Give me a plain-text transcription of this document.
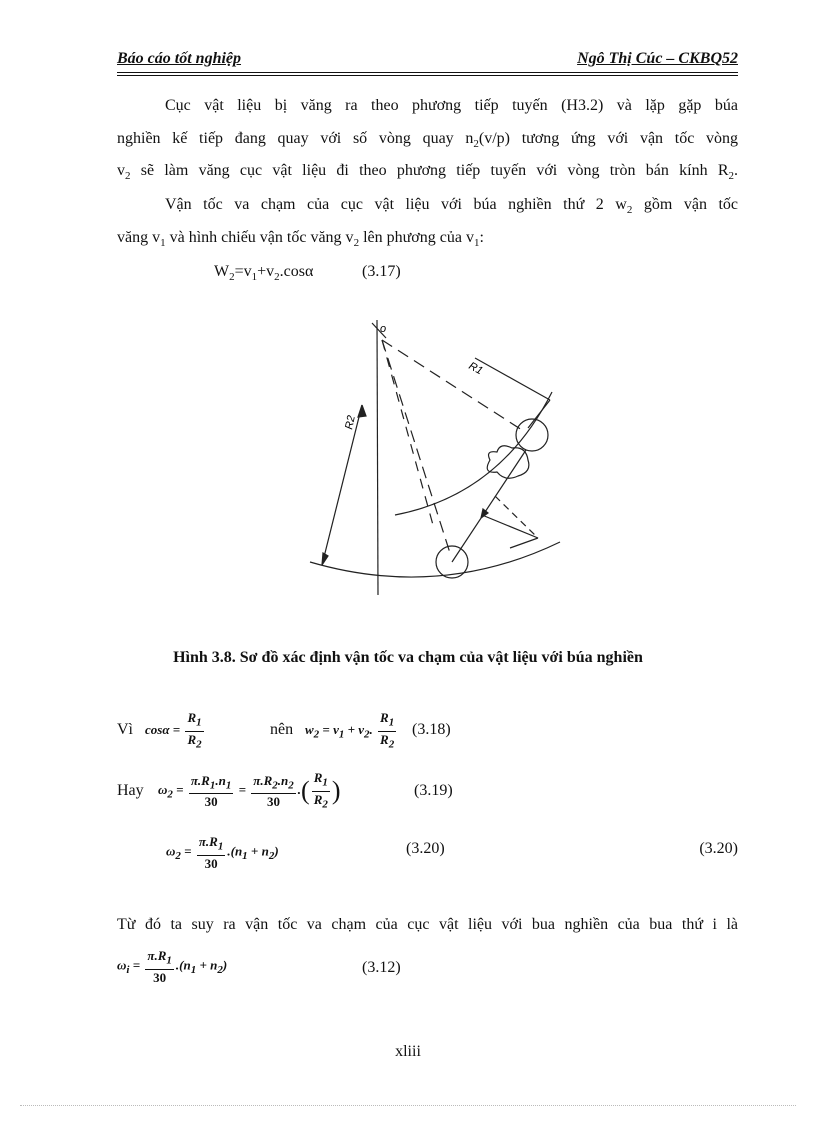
Báo cáo tốt nghiệp	Ngô Thị Cúc – CKBQ52
Cục vật liệu bị văng ra theo phương tiếp tuyến (H3.2) và lặp gặp búa
nghiền kế tiếp đang quay với số vòng quay $n_2(v/p)$ tương ứng với vận tốc vòng
$v_2$ sẽ làm văng cục vật liệu đi theo phương tiếp tuyến với vòng tròn bán kính $R_2$.
Vận tốc va chạm của cục vật liệu với búa nghiền thứ 2 $w_2$ gồm vận tốc
văng $v_1$ và hình chiếu vận tốc văng $v_2$ lên phương của $v_1$:
$W_2=v_1+v_2.\cos\alpha$	(3.17)
o
R1
R2
Hình 3.8. Sơ đồ xác định vận tốc va chạm của vật liệu với búa nghiền
Vì $\cos\alpha = \frac{R_1}{R_2}$	nên $w_2 = v_1 + v_2$. $\frac{R_1}{R_2} (3.18)$
Hay $\omega_2 = \frac{\pi.R_1.n_1}{30} = \frac{\pi.R_2.n_2}{30}$ .( $\frac{R_1}{R_2}$ )	(3.19)
$\omega_2 = \frac{\pi.R_1}{30} .(n_1 + n_2)$	(3.20)	(3.20)
Từ đó ta suy ra vận tốc va chạm của cục vật liệu với bua nghiền của bua thứ i là
$\omega_i = \frac{\pi.R_1}{30} .(n_1 + n_2)$	(3.12)
xliii
